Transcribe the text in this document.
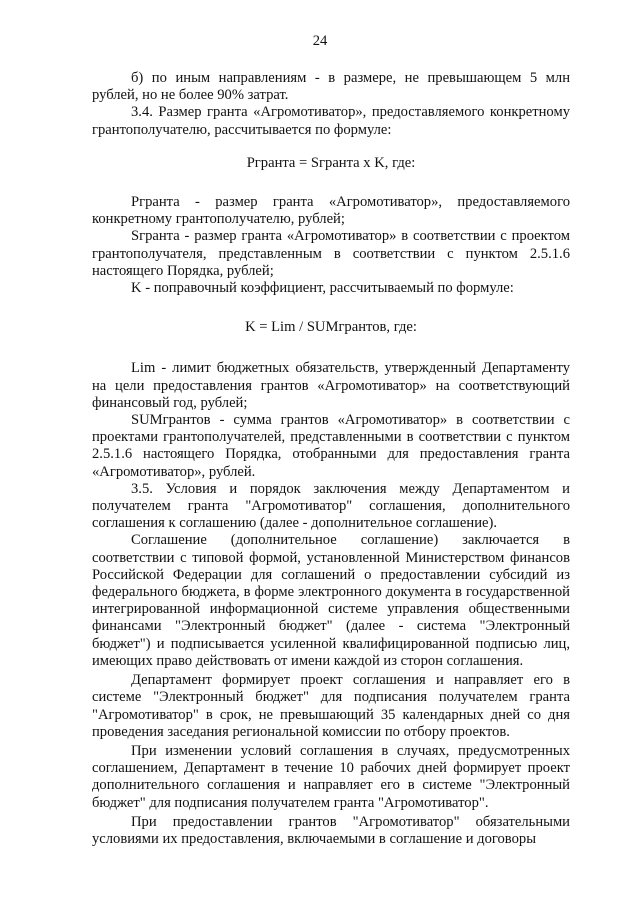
24

б) по иным направлениям - в размере, не превышающем 5 млн рублей, но не более 90% затрат.

3.4. Размер гранта «Агромотиватор», предоставляемого конкретному грантополучателю, рассчитывается по формуле:

Pгранта = Sгранта x K, где:

Pгранта - размер гранта «Агромотиватор», предоставляемого конкретному грантополучателю, рублей;

Sгранта - размер гранта «Агромотиватор» в соответствии с проектом грантополучателя, представленным в соответствии с пунктом 2.5.1.6 настоящего Порядка, рублей;

K - поправочный коэффициент, рассчитываемый по формуле:

K = Lim / SUMгрантов, где:

Lim - лимит бюджетных обязательств, утвержденный Департаменту на цели предоставления грантов «Агромотиватор» на соответствующий финансовый год, рублей;

SUMгрантов - сумма грантов «Агромотиватор» в соответствии с проектами грантополучателей, представленными в соответствии с пунктом 2.5.1.6 настоящего Порядка, отобранными для предоставления гранта «Агромотиватор», рублей.

3.5. Условия и порядок заключения между Департаментом и получателем гранта "Агромотиватор" соглашения, дополнительного соглашения к соглашению (далее - дополнительное соглашение).

Соглашение (дополнительное соглашение) заключается в соответствии с типовой формой, установленной Министерством финансов Российской Федерации для соглашений о предоставлении субсидий из федерального бюджета, в форме электронного документа в государственной интегрированной информационной системе управления общественными финансами "Электронный бюджет" (далее - система "Электронный бюджет") и подписывается усиленной квалифицированной подписью лиц, имеющих право действовать от имени каждой из сторон соглашения.

Департамент формирует проект соглашения и направляет его в системе "Электронный бюджет" для подписания получателем гранта "Агромотиватор" в срок, не превышающий 35 календарных дней со дня проведения заседания региональной комиссии по отбору проектов.

При изменении условий соглашения в случаях, предусмотренных соглашением, Департамент в течение 10 рабочих дней формирует проект дополнительного соглашения и направляет его в системе "Электронный бюджет" для подписания получателем гранта "Агромотиватор".

При предоставлении грантов "Агромотиватор" обязательными условиями их предоставления, включаемыми в соглашение и договоры
